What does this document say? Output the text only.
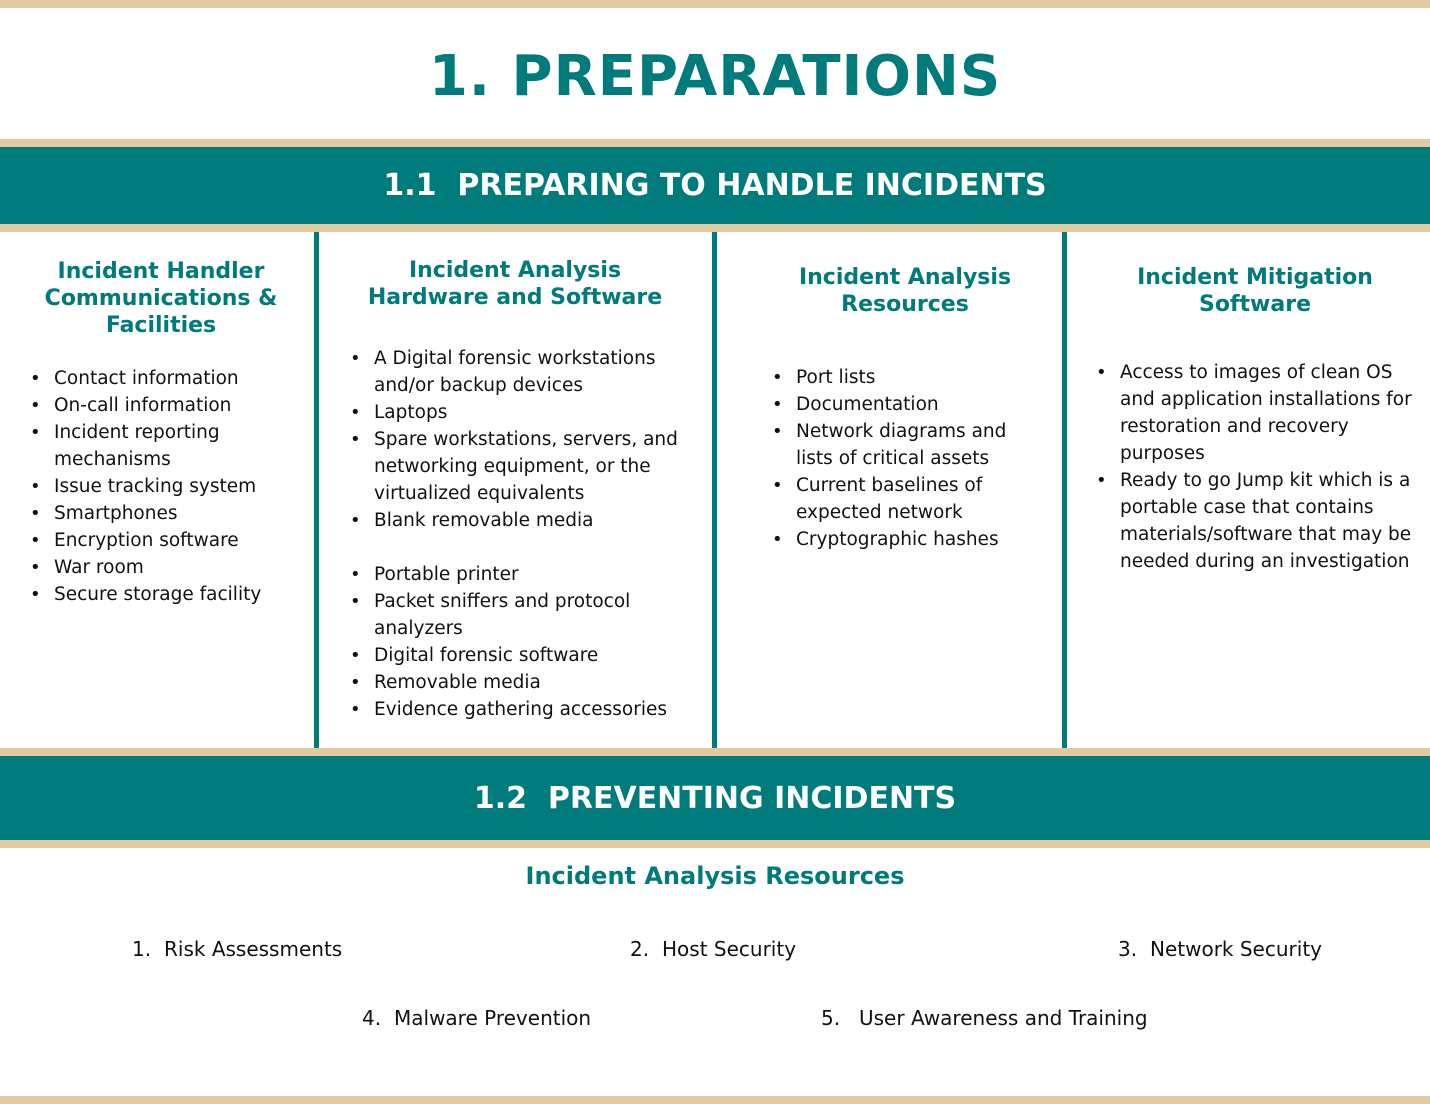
1. PREPARATIONS
1.1  PREPARING TO HANDLE INCIDENTS
Incident Handler Communications & Facilities
• Contact information
• On-call information
• Incident reporting mechanisms
• Issue tracking system
• Smartphones
• Encryption software
• War room
• Secure storage facility
Incident Analysis Hardware and Software
• A Digital forensic workstations and/or backup devices
• Laptops
• Spare workstations, servers, and networking equipment, or the virtualized equivalents
• Blank removable media
• Portable printer
• Packet sniffers and protocol analyzers
• Digital forensic software
• Removable media
• Evidence gathering accessories
Incident Analysis Resources
• Port lists
• Documentation
• Network diagrams and lists of critical assets
• Current baselines of expected network
• Cryptographic hashes
Incident Mitigation Software
• Access to images of clean OS and application installations for restoration and recovery purposes
• Ready to go Jump kit which is a portable case that contains materials/software that may be needed during an investigation
1.2  PREVENTING INCIDENTS
Incident Analysis Resources
1. Risk Assessments	2. Host Security	3. Network Security
4. Malware Prevention	5. User Awareness and Training
